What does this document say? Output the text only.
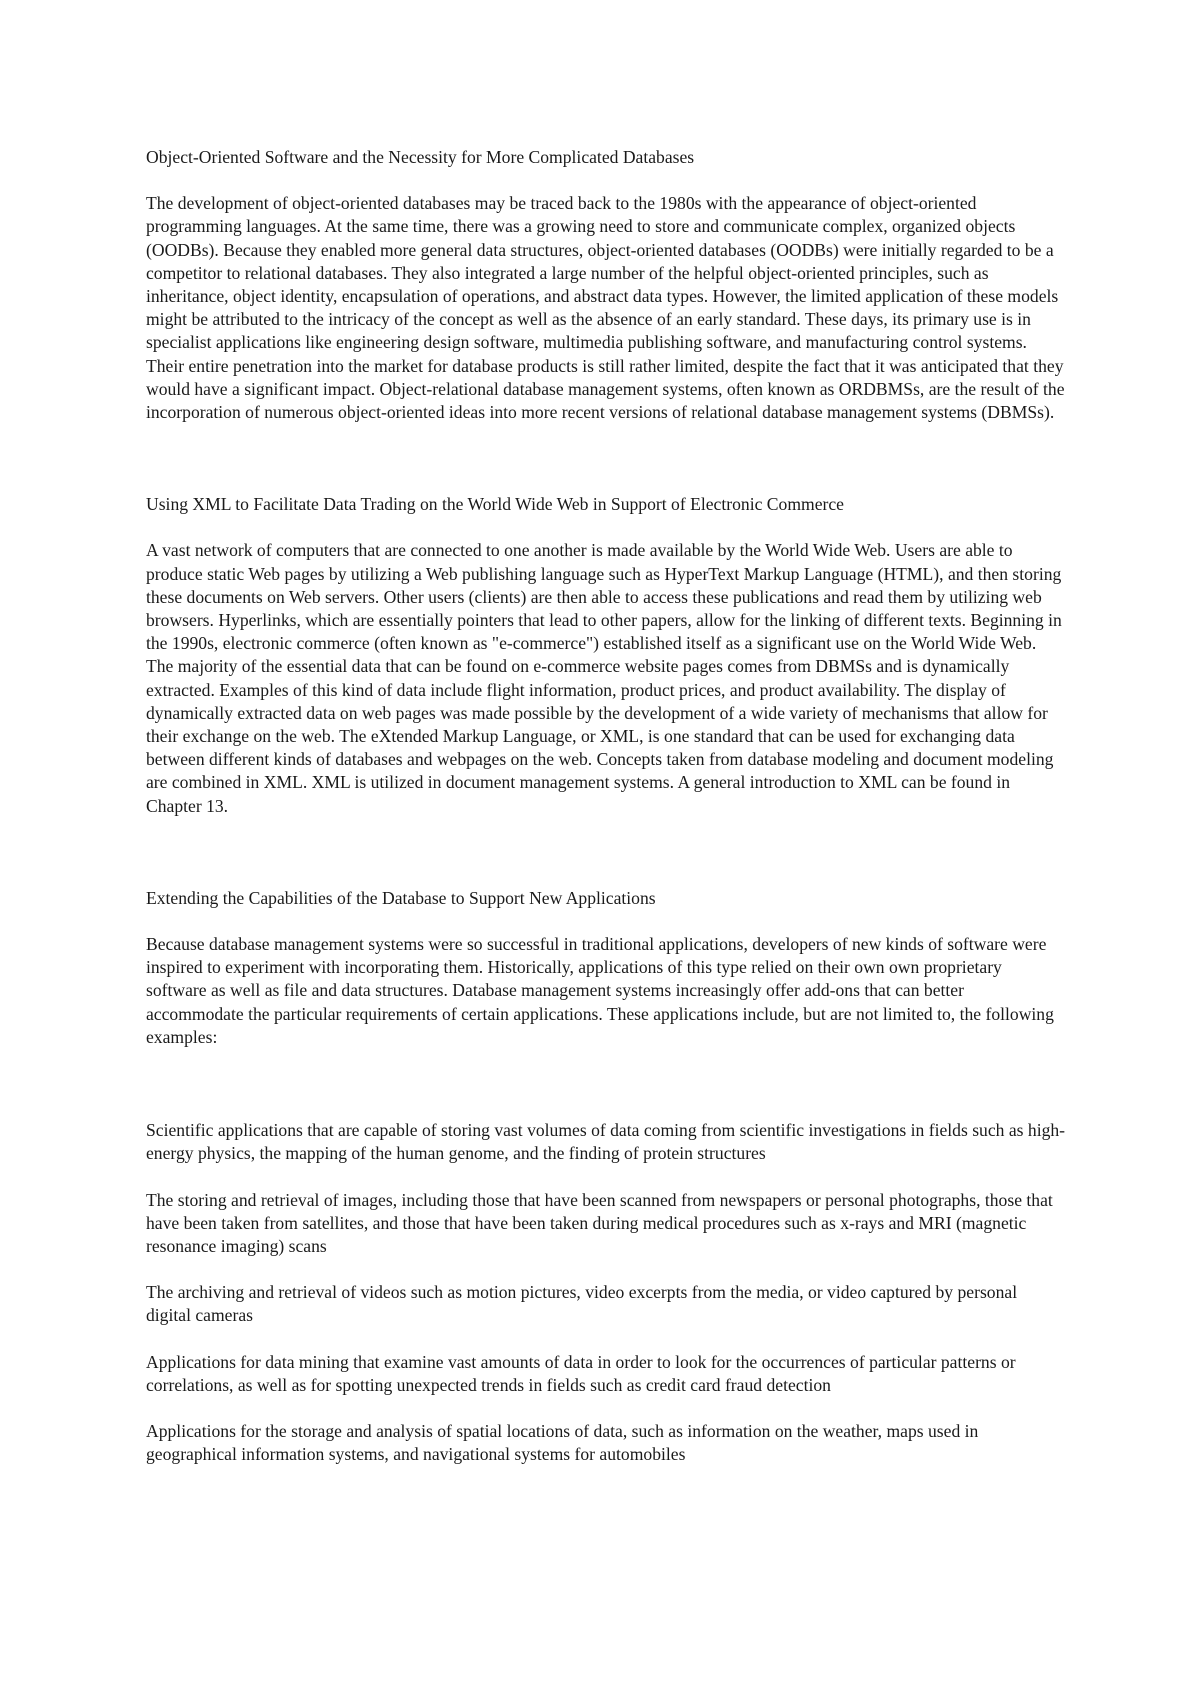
Object-Oriented Software and the Necessity for More Complicated Databases

The development of object-oriented databases may be traced back to the 1980s with the appearance of object-oriented programming languages. At the same time, there was a growing need to store and communicate complex, organized objects (OODBs). Because they enabled more general data structures, object-oriented databases (OODBs) were initially regarded to be a competitor to relational databases. They also integrated a large number of the helpful object-oriented principles, such as inheritance, object identity, encapsulation of operations, and abstract data types. However, the limited application of these models might be attributed to the intricacy of the concept as well as the absence of an early standard. These days, its primary use is in specialist applications like engineering design software, multimedia publishing software, and manufacturing control systems. Their entire penetration into the market for database products is still rather limited, despite the fact that it was anticipated that they would have a significant impact. Object-relational database management systems, often known as ORDBMSs, are the result of the incorporation of numerous object-oriented ideas into more recent versions of relational database management systems (DBMSs).

Using XML to Facilitate Data Trading on the World Wide Web in Support of Electronic Commerce

A vast network of computers that are connected to one another is made available by the World Wide Web. Users are able to produce static Web pages by utilizing a Web publishing language such as HyperText Markup Language (HTML), and then storing these documents on Web servers. Other users (clients) are then able to access these publications and read them by utilizing web browsers. Hyperlinks, which are essentially pointers that lead to other papers, allow for the linking of different texts. Beginning in the 1990s, electronic commerce (often known as "e-commerce") established itself as a significant use on the World Wide Web. The majority of the essential data that can be found on e-commerce website pages comes from DBMSs and is dynamically extracted. Examples of this kind of data include flight information, product prices, and product availability. The display of dynamically extracted data on web pages was made possible by the development of a wide variety of mechanisms that allow for their exchange on the web. The eXtended Markup Language, or XML, is one standard that can be used for exchanging data between different kinds of databases and webpages on the web. Concepts taken from database modeling and document modeling are combined in XML. XML is utilized in document management systems. A general introduction to XML can be found in Chapter 13.

Extending the Capabilities of the Database to Support New Applications

Because database management systems were so successful in traditional applications, developers of new kinds of software were inspired to experiment with incorporating them. Historically, applications of this type relied on their own own proprietary software as well as file and data structures. Database management systems increasingly offer add-ons that can better accommodate the particular requirements of certain applications. These applications include, but are not limited to, the following examples:

Scientific applications that are capable of storing vast volumes of data coming from scientific investigations in fields such as high-energy physics, the mapping of the human genome, and the finding of protein structures

The storing and retrieval of images, including those that have been scanned from newspapers or personal photographs, those that have been taken from satellites, and those that have been taken during medical procedures such as x-rays and MRI (magnetic resonance imaging) scans

The archiving and retrieval of videos such as motion pictures, video excerpts from the media, or video captured by personal digital cameras

Applications for data mining that examine vast amounts of data in order to look for the occurrences of particular patterns or correlations, as well as for spotting unexpected trends in fields such as credit card fraud detection

Applications for the storage and analysis of spatial locations of data, such as information on the weather, maps used in geographical information systems, and navigational systems for automobiles
